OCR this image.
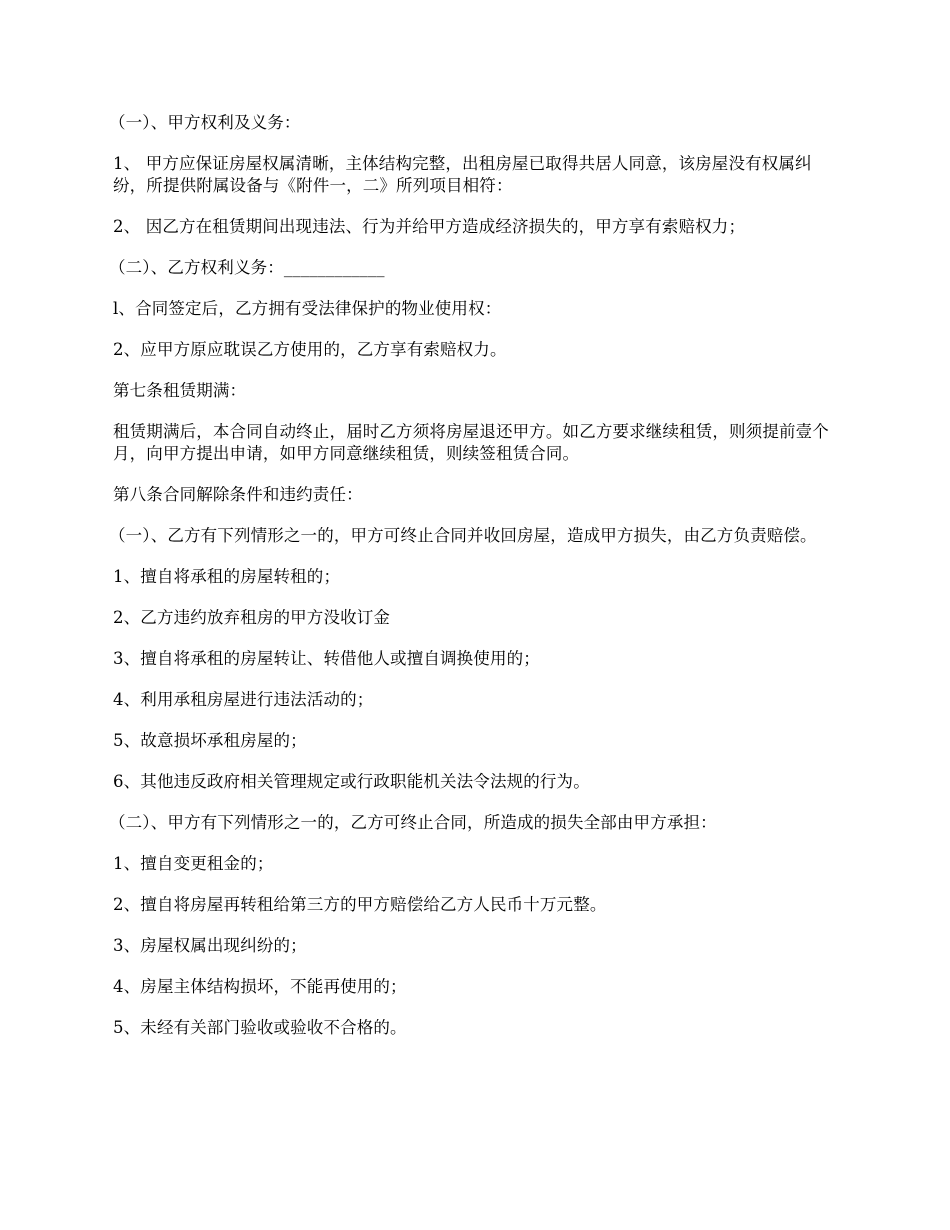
（一）、甲方权利及义务：

1、 甲方应保证房屋权属清晰，主体结构完整，出租房屋已取得共居人同意，该房屋没有权属纠纷，所提供附属设备与《附件一，二》所列项目相符：

2、 因乙方在租赁期间出现违法、行为并给甲方造成经济损失的，甲方享有索赔权力；

（二）、乙方权利义务：____________

l、合同签定后，乙方拥有受法律保护的物业使用权：

2、应甲方原应耽误乙方使用的，乙方享有索赔权力。

第七条租赁期满：

租赁期满后，本合同自动终止，届时乙方须将房屋退还甲方。如乙方要求继续租赁，则须提前壹个月，向甲方提出申请，如甲方同意继续租赁，则续签租赁合同。

第八条合同解除条件和违约责任：

（一）、乙方有下列情形之一的，甲方可终止合同并收回房屋，造成甲方损失，由乙方负责赔偿。

1、擅自将承租的房屋转租的；

2、乙方违约放弃租房的甲方没收订金

3、擅自将承租的房屋转让、转借他人或擅自调换使用的；

4、利用承租房屋进行违法活动的；

5、故意损坏承租房屋的；

6、其他违反政府相关管理规定或行政职能机关法令法规的行为。

（二）、甲方有下列情形之一的，乙方可终止合同，所造成的损失全部由甲方承担：

1、擅自变更租金的；

2、擅自将房屋再转租给第三方的甲方赔偿给乙方人民币十万元整。

3、房屋权属出现纠纷的；

4、房屋主体结构损坏，不能再使用的；

5、未经有关部门验收或验收不合格的。
